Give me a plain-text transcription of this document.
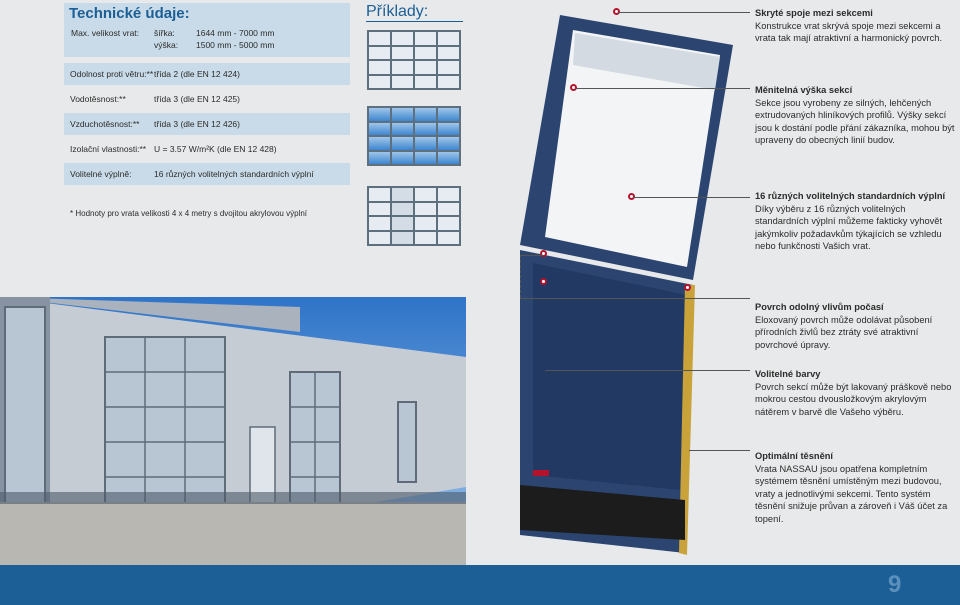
Technické údaje:
Max. velikost vrat: šířka: 1644 mm - 7000 mm
výška: 1500 mm - 5000 mm
Odolnost proti větru:** třída 2 (dle EN 12 424)
Vodotěsnost:**	třída 3 (dle EN 12 425)
Vzduchotěsnost:** třída 3 (dle EN 12 426)
Izolační vlastnosti:** U = 3.57 W/m²K (dle EN 12 428)
Volitelné výplně:	16 různých volitelných standardních výplní
* Hodnoty pro vrata velikosti 4 x 4 metry s dvojitou akrylovou výplní
Příklady:	Skryté spoje mezi sekcemi
Konstrukce vrat skrývá spoje mezi sekcemi a vrata tak mají atraktivní a harmonický povrch.
Měnitelná výška sekcí
Sekce jsou vyrobeny ze silných, lehčených extrudovaných hliníkových profilů. Výšky sekcí jsou k dostání podle přání zákazníka, mohou být upraveny do obecných linií budov.
16 různých volitelných standardních výplní
Díky výběru z 16 různých volitelných standardních výplní můžeme fakticky vyhovět jakýmkoliv požadavkům týkajících se vzhledu nebo funkčnosti Vašich vrat.
Povrch odolný vlivům počasí
Eloxovaný povrch může odolávat působení přírodních živlů bez ztráty své atraktivní povrchové úpravy.
Volitelné barvy
Povrch sekcí může být lakovaný práškově nebo mokrou cestou dvousložkovým akrylovým nátěrem v barvě dle Vašeho výběru.
Optimální těsnění
Vrata NASSAU jsou opatřena kompletním systémem těsnění umístěným mezi budovou, vraty a jednotlivými sekcemi. Tento systém těsnění snižuje průvan a zároveň i Váš účet za topení.
9
